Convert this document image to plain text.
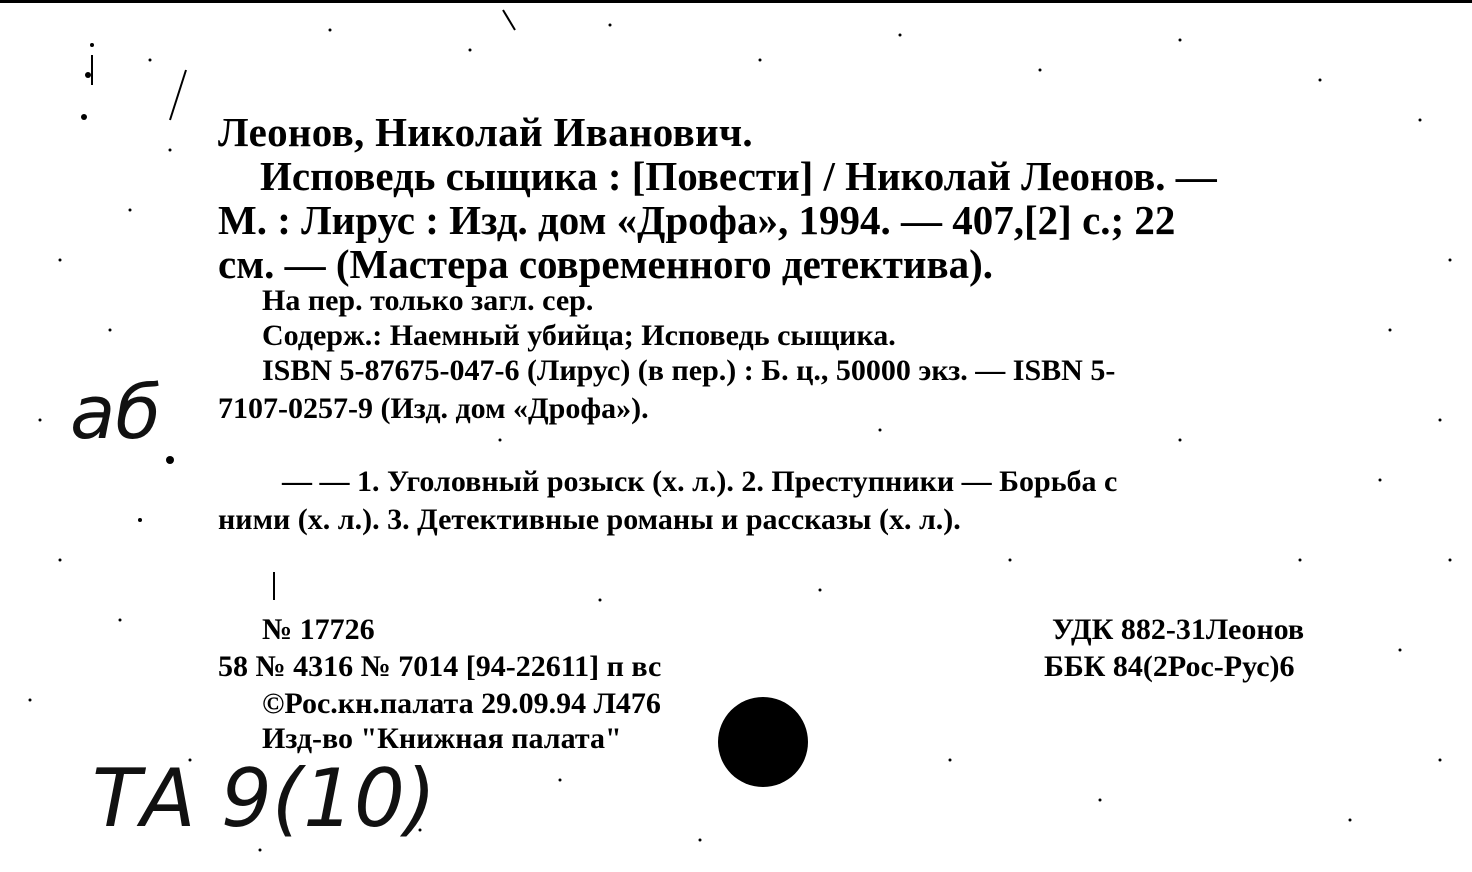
Леонов, Николай Иванович.
Исповедь сыщика : [Повести] / Николай Леонов. —
М. : Лирус : Изд. дом «Дрофа», 1994. — 407,[2] с.; 22
см. — (Мастера современного детектива).
На пер. только загл. сер.
Содерж.: Наемный убийца; Исповедь сыщика.
ISBN 5-87675-047-6 (Лирус) (в пер.) : Б. ц., 50000 экз. — ISBN 5-
7107-0257-9 (Изд. дом «Дрофа»).
— — 1. Уголовный розыск (х. л.). 2. Преступники — Борьба с
ними (х. л.). 3. Детективные романы и рассказы (х. л.).
№ 17726
58 № 4316 № 7014 [94-22611] п вс
©Рос.кн.палата 29.09.94 Л476
Изд-во "Книжная палата"
УДК 882-31Леонов
ББК 84(2Рос-Рус)6
аб
ТА 9(10)
